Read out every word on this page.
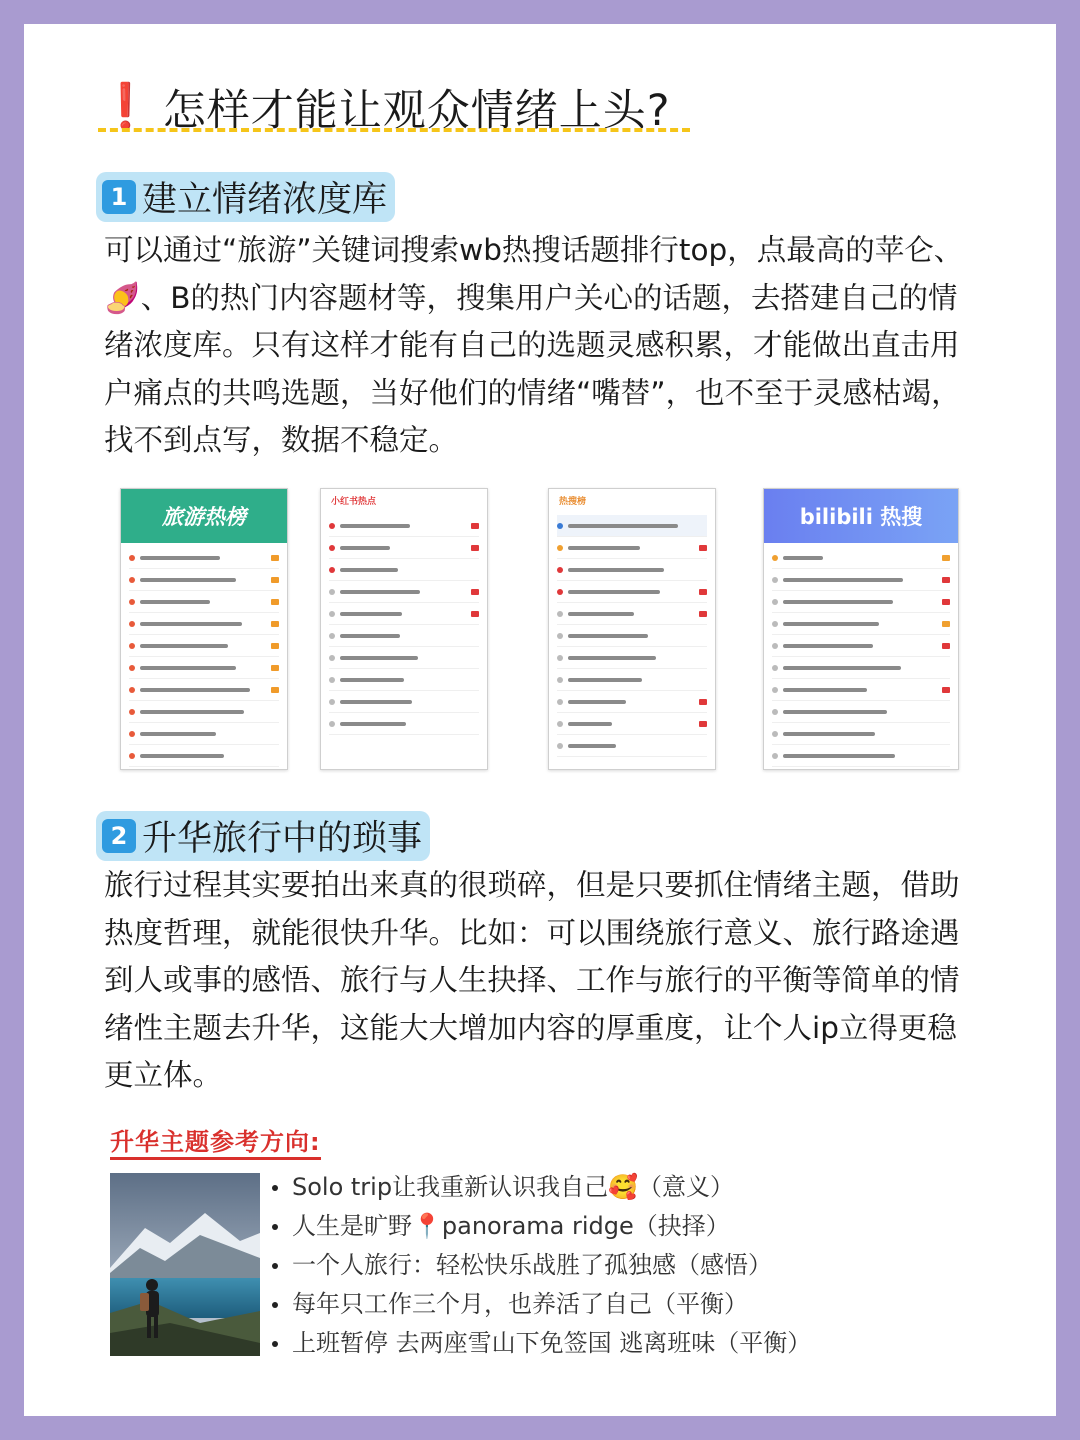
❗ 怎样才能让观众情绪上头?
1 建立情绪浓度库

可以通过“旅游”关键词搜索wb热搜话题排行top，点最高的苹仑、🍠、B的热门内容题材等，搜集用户关心的话题，去搭建自己的情绪浓度库。只有这样才能有自己的选题灵感积累，才能做出直击用户痛点的共鸣选题，当好他们的情绪“嘴替”，也不至于灵感枯竭，找不到点写，数据不稳定。

旅游热榜
小红书热点	热搜榜
bilibili 热搜
2 升华旅行中的琐事

旅行过程其实要拍出来真的很琐碎，但是只要抓住情绪主题，借助热度哲理，就能很快升华。比如：可以围绕旅行意义、旅行路途遇到人或事的感悟、旅行与人生抉择、工作与旅行的平衡等简单的情绪性主题去升华，这能大大增加内容的厚重度，让个人ip立得更稳更立体。

升华主题参考方向:
Solo trip让我重新认识我自己🥰（意义）
人生是旷野📍panorama ridge（抉择）
一个人旅行：轻松快乐战胜了孤独感（感悟）
每年只工作三个月，也养活了自己（平衡）
上班暂停 去两座雪山下免签国 逃离班味（平衡）
